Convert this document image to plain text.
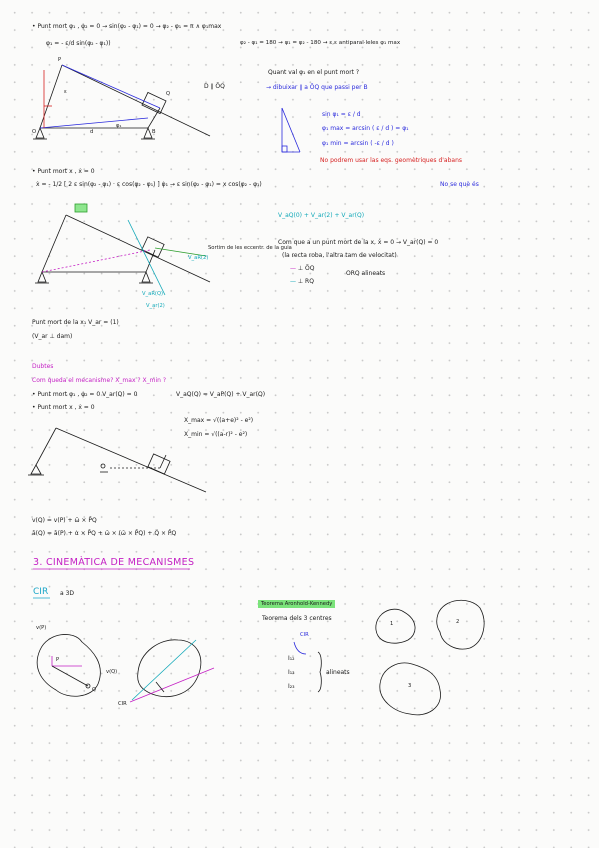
• Punt mort φ₁ , φ̇₂ = 0 → sin(φ₂ - φ₁) = 0 → φ₂ - φ₁ = π ∧ φ₁max
φ₁ = - ε/d sin(φ₂ - φ₁))	φ₂ - φ₁ = 180 → φ₁ = φ₂ - 180 → ε,ε antiparal·leles φ₁ max
D ∥ ÕQ
Quant val φ₁ en el punt mort ?
→ dibuixar ∥ a ÕQ que passi per B
sin φ₁ = ε / d
φ₁ max = arcsin ( ε / d ) = φ₁
φ₁ min = arcsin ( -ε / d )
No podrem usar las eqs. geomètriques d'abans
• Punt mort x , ẋ = 0
ẋ = - 1/2 [ 2 ε sin(φ₂ - φ₁) · ε cos(φ₂ - φ₁) ] φ̇₁ → ε sin(φ₂ - φ₁) = x cos(φ₂ - φ₁)	No se què és
V_aQ(0) + V_ar(2) + V_ar(Q)
Com que a un punt mort de la x, ẋ = 0 → V_ar(Q) = 0
(la recta roba, l'altra tam de velocitat)
— ⊥ ÕQ
— ⊥ RQ
ORQ alineats
Sortim de les eccentr. de la guia
V_aR(2)
V_aR(Q)
V_ar(2)
Punt mort de la x₁ V_ar = (1)
(V_ar ⊥ dam)
Dubtes
Com queda el mecanisme? X_max ? X_min ?
• Punt mort φ₁ , φ̇₂ = 0 V_ar(Q) = 0
• Punt mort x , ẋ = 0
V_aQ(Q) = V_aP(Q) + V_ar(Q)
X_max = √((a+e)² - e²)
X_min = √((a-r)² - e²)
v(Q) = v(P) + ω̄ × P̄Q
ā(Q) = ā(P) + α̇ × P̄Q + ω̄ × (ω̄ × P̄Q) + Q̈ × P̄Q
3. CINEMÀTICA DE MECANISMES
CIR a 3D
Teorema Aronhold-Kennedy
Teorema dels 3 centres
CIR
I₁₂
I₁₃
I₂₃
alineats
v(P)
P
Q
v(Q)
CIR
1	2
3
d
O	B
Q
P
φ₁
ε
